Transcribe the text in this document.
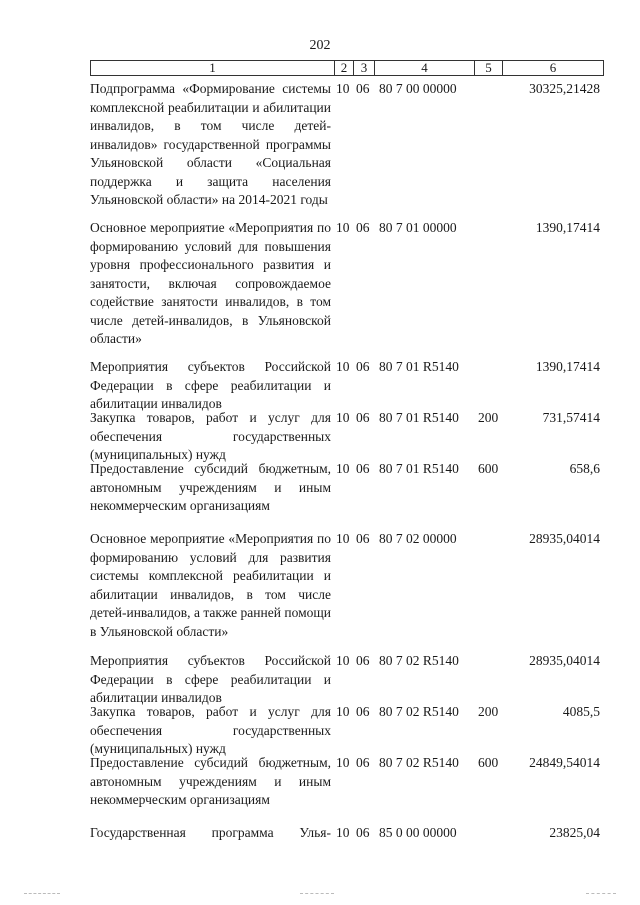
202
1	2	3	4	5	6
Подпрограмма «Формирование системы комплексной реабилитации и абилитации инвалидов, в том числе детей-инвалидов» государственной программы Ульяновской области «Социальная поддержка и защита населения Ульяновской области» на 2014-2021 годы
10 06 80 7 00 00000	30325,21428
Основное мероприятие «Мероприятия по формированию условий для повышения уровня профессионального развития и занятости, включая сопровождаемое содействие занятости инвалидов, в том числе детей-инвалидов, в Ульяновской области»
10 06 80 7 01 00000	1390,17414
Мероприятия субъектов Российской Федерации в сфере реабилитации и абилитации инвалидов
10 06 80 7 01 R5140	1390,17414
Закупка товаров, работ и услуг для обеспечения государственных (муниципальных) нужд
10 06 80 7 01 R5140	200	731,57414
Предоставление субсидий бюджетным, автономным учреждениям и иным некоммерческим организациям
10 06 80 7 01 R5140	600	658,6
Основное мероприятие «Мероприятия по формированию условий для развития системы комплексной реабилитации и абилитации инвалидов, в том числе детей-инвалидов, а также ранней помощи в Ульяновской области»
10 06 80 7 02 00000	28935,04014
Мероприятия субъектов Российской Федерации в сфере реабилитации и абилитации инвалидов
10 06 80 7 02 R5140	28935,04014
Закупка товаров, работ и услуг для обеспечения государственных (муниципальных) нужд
10 06 80 7 02 R5140	200	4085,5
Предоставление субсидий бюджетным, автономным учреждениям и иным некоммерческим организациям
10 06 80 7 02 R5140	600	24849,54014
Государственная программа Улья- 10 06 85 0 00 00000	23825,04
